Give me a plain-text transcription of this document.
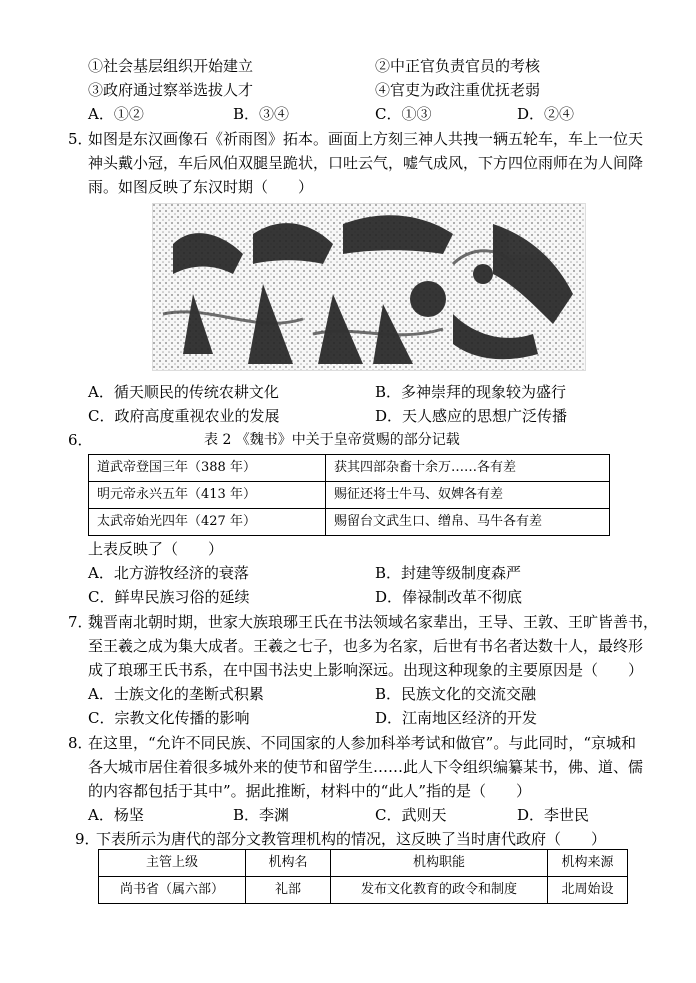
①社会基层组织开始建立	②中正官负责官员的考核
③政府通过察举选拔人才	④官吏为政注重优抚老弱
A．①②	B．③④	C．①③	D．②④
5．
如图是东汉画像石《祈雨图》拓本。画面上方刻三神人共拽一辆五轮车，车上一位天
神头戴小冠，车后风伯双腿呈跪状，口吐云气，嘘气成风，下方四位雨师在为人间降
雨。如图反映了东汉时期（　　）
A．循天顺民的传统农耕文化	B．多神崇拜的现象较为盛行
C．政府高度重视农业的发展	D．天人感应的思想广泛传播
6．	表 2 《魏书》中关于皇帝赏赐的部分记载
道武帝登国三年（388 年）	获其四部杂畜十余万……各有差
明元帝永兴五年（413 年）	赐征还将士牛马、奴婢各有差
太武帝始光四年（427 年）	赐留台文武生口、缯帛、马牛各有差
上表反映了（　　）
A．北方游牧经济的衰落	B．封建等级制度森严
C．鲜卑民族习俗的延续	D．俸禄制改革不彻底
7．
魏晋南北朝时期，世家大族琅琊王氏在书法领域名家辈出，王导、王敦、王旷皆善书，
至王羲之成为集大成者。王羲之七子，也多为名家，后世有书名者达数十人，最终形
成了琅琊王氏书系，在中国书法史上影响深远。出现这种现象的主要原因是（　　）
A．士族文化的垄断式积累	B．民族文化的交流交融
C．宗教文化传播的影响	D．江南地区经济的开发
8．
在这里，“允许不同民族、不同国家的人参加科举考试和做官”。与此同时，“京城和
各大城市居住着很多城外来的使节和留学生……此人下令组织编纂某书，佛、道、儒
的内容都包括于其中”。据此推断，材料中的“此人”指的是（　　）
A．杨坚	B．李渊	C．武则天	D．李世民
9．
下表所示为唐代的部分文教管理机构的情况，这反映了当时唐代政府（　　）
主管上级	机构名	机构职能	机构来源
尚书省（属六部）	礼部	发布文化教育的政令和制度	北周始设
